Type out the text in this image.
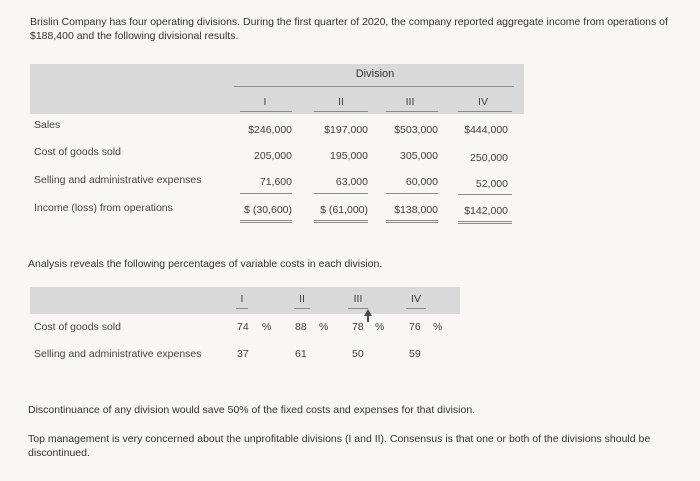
Brislin Company has four operating divisions. During the first quarter of 2020, the company reported aggregate income from operations of $188,400 and the following divisional results.
Division
I	II	III	IV
Sales	$246,000	$197,000	$503,000	$444,000
Cost of goods sold	205,000	195,000	305,000	250,000
Selling and administrative expenses	71,600	63,000	60,000	52,000
Income (loss) from operations	$ (30,600)	$ (61,000)	$138,000	$142,000
Analysis reveals the following percentages of variable costs in each division.
I	II	III	IV
Cost of goods sold	74 % 88 % 78 % 76 %
Selling and administrative expenses	37	61	50	59
Discontinuance of any division would save 50% of the fixed costs and expenses for that division.
Top management is very concerned about the unprofitable divisions (I and II). Consensus is that one or both of the divisions should be discontinued.
